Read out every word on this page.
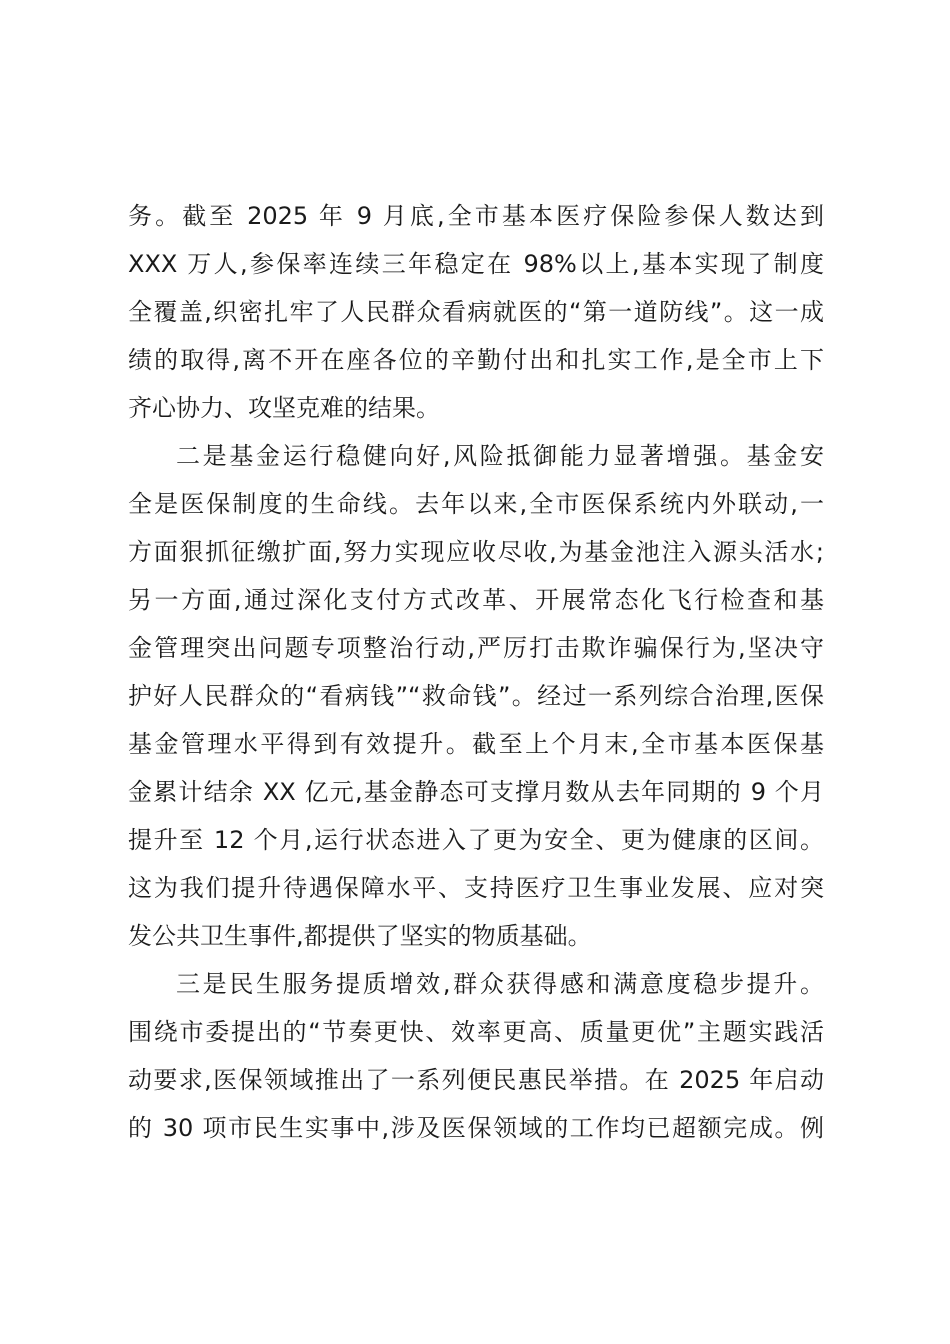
务。截至 2025 年 9 月底,全市基本医疗保险参保人数达到
XXX 万人,参保率连续三年稳定在 98%以上,基本实现了制度
全覆盖,织密扎牢了人民群众看病就医的“第一道防线”。这一成
绩的取得,离不开在座各位的辛勤付出和扎实工作,是全市上下
齐心协力、攻坚克难的结果。
二是基金运行稳健向好,风险抵御能力显著增强。基金安
全是医保制度的生命线。去年以来,全市医保系统内外联动,一
方面狠抓征缴扩面,努力实现应收尽收,为基金池注入源头活水;
另一方面,通过深化支付方式改革、开展常态化飞行检查和基
金管理突出问题专项整治行动,严厉打击欺诈骗保行为,坚决守
护好人民群众的“看病钱”“救命钱”。经过一系列综合治理,医保
基金管理水平得到有效提升。截至上个月末,全市基本医保基
金累计结余 XX 亿元,基金静态可支撑月数从去年同期的 9 个月
提升至 12 个月,运行状态进入了更为安全、更为健康的区间。
这为我们提升待遇保障水平、支持医疗卫生事业发展、应对突
发公共卫生事件,都提供了坚实的物质基础。
三是民生服务提质增效,群众获得感和满意度稳步提升。
围绕市委提出的“节奏更快、效率更高、质量更优”主题实践活
动要求,医保领域推出了一系列便民惠民举措。在 2025 年启动
的 30 项市民生实事中,涉及医保领域的工作均已超额完成。例
